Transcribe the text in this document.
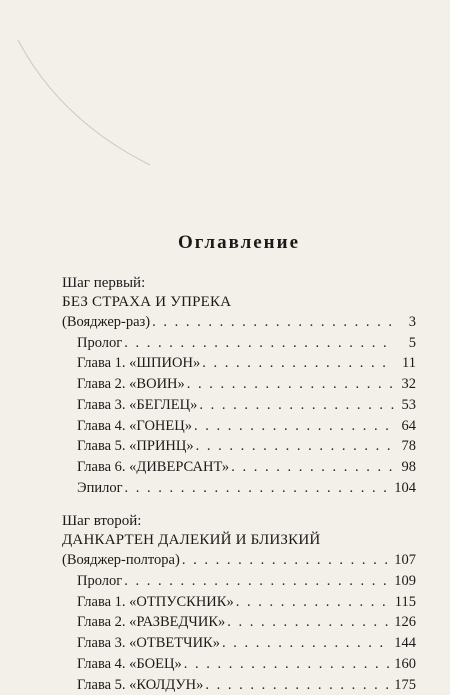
Оглавление
Шаг первый:
БЕЗ СТРАХА И УПРЕКА
(Вояджер-раз) . . .	3
Пролог . . .	5
Глава 1. «ШПИОН» . . .	11
Глава 2. «ВОИН» . . .	32
Глава 3. «БЕГЛЕЦ» . . .	53
Глава 4. «ГОНЕЦ» . . .	64
Глава 5. «ПРИНЦ» . . .	78
Глава 6. «ДИВЕРСАНТ» . . .	98
Эпилог . . .	104
Шаг второй:
ДАНКАРТЕН ДАЛЕКИЙ И БЛИЗКИЙ
(Вояджер-полтора) . . .	107
Пролог . . .	109
Глава 1. «ОТПУСКНИК» . . .	115
Глава 2. «РАЗВЕДЧИК» . . .	126
Глава 3. «ОТВЕТЧИК» . . .	144
Глава 4. «БОЕЦ» . . .	160
Глава 5. «КОЛДУН» . . .	175
